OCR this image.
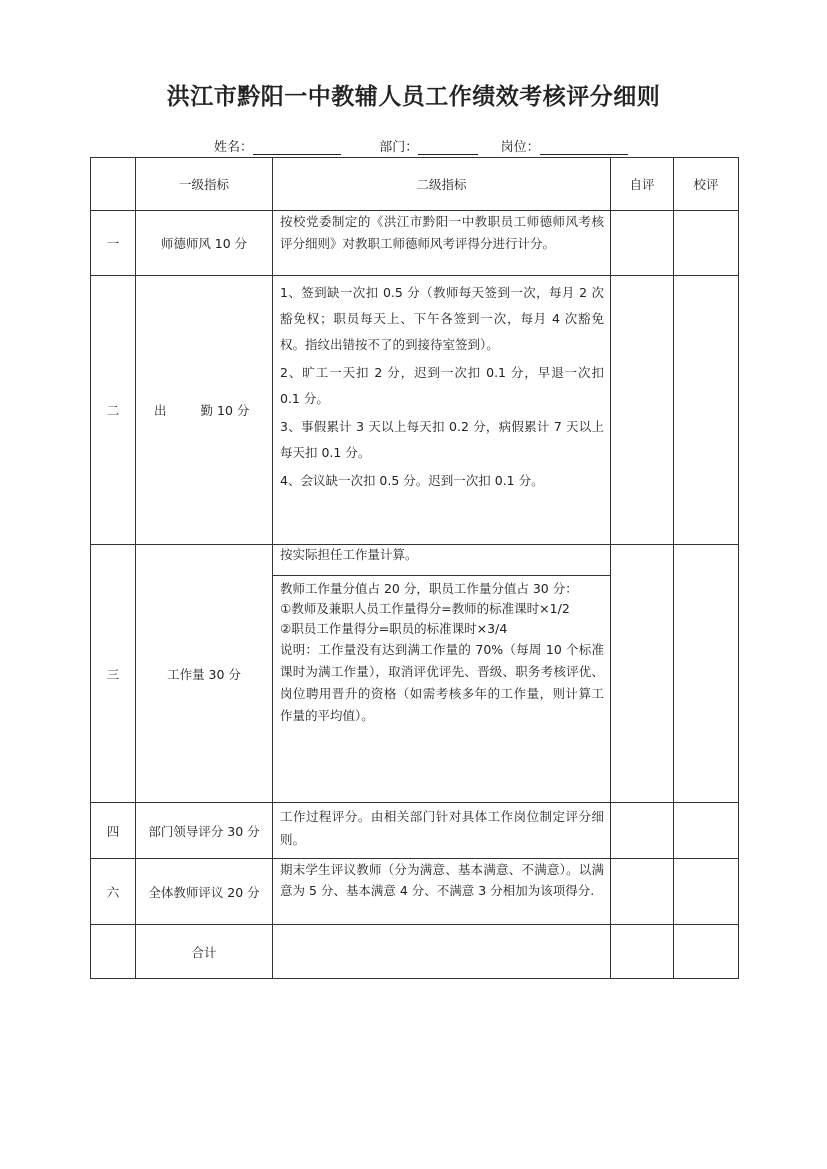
洪江市黔阳一中教辅人员工作绩效考核评分细则
姓名：	部门：	岗位：
	一级指标	二级指标	自评	校评
一	师德师风 10 分	按校党委制定的《洪江市黔阳一中教职员工师德师风考核评分细则》对教职工师德师风考评得分进行计分。		

二	出 勤 10 分	1、签到缺一次扣 0.5 分（教师每天签到一次，每月 2 次豁免权；职员每天上、下午各签到一次，每月 4 次豁免权。指纹出错按不了的到接待室签到）。
2、旷工一天扣 2 分，迟到一次扣 0.1 分，早退一次扣 0.1 分。
3、事假累计 3 天以上每天扣 0.2 分，病假累计 7 天以上每天扣 0.1 分。
4、会议缺一次扣 0.5 分。迟到一次扣 0.1 分。		

三	工作量 30 分	按实际担任工作量计算。
教师工作量分值占 20 分，职员工作量分值占 30 分：
①教师及兼职人员工作量得分=教师的标准课时×1/2
②职员工作量得分=职员的标准课时×3/4
说明：工作量没有达到满工作量的 70%（每周 10 个标准课时为满工作量），取消评优评先、晋级、职务考核评优、岗位聘用晋升的资格（如需考核多年的工作量，则计算工作量的平均值）。		

四	部门领导评分 30 分	工作过程评分。由相关部门针对具体工作岗位制定评分细则。		

六	全体教师评议 20 分	期末学生评议教师（分为满意、基本满意、不满意）。以满意为 5 分、基本满意 4 分、不满意 3 分相加为该项得分.		

	合计			
